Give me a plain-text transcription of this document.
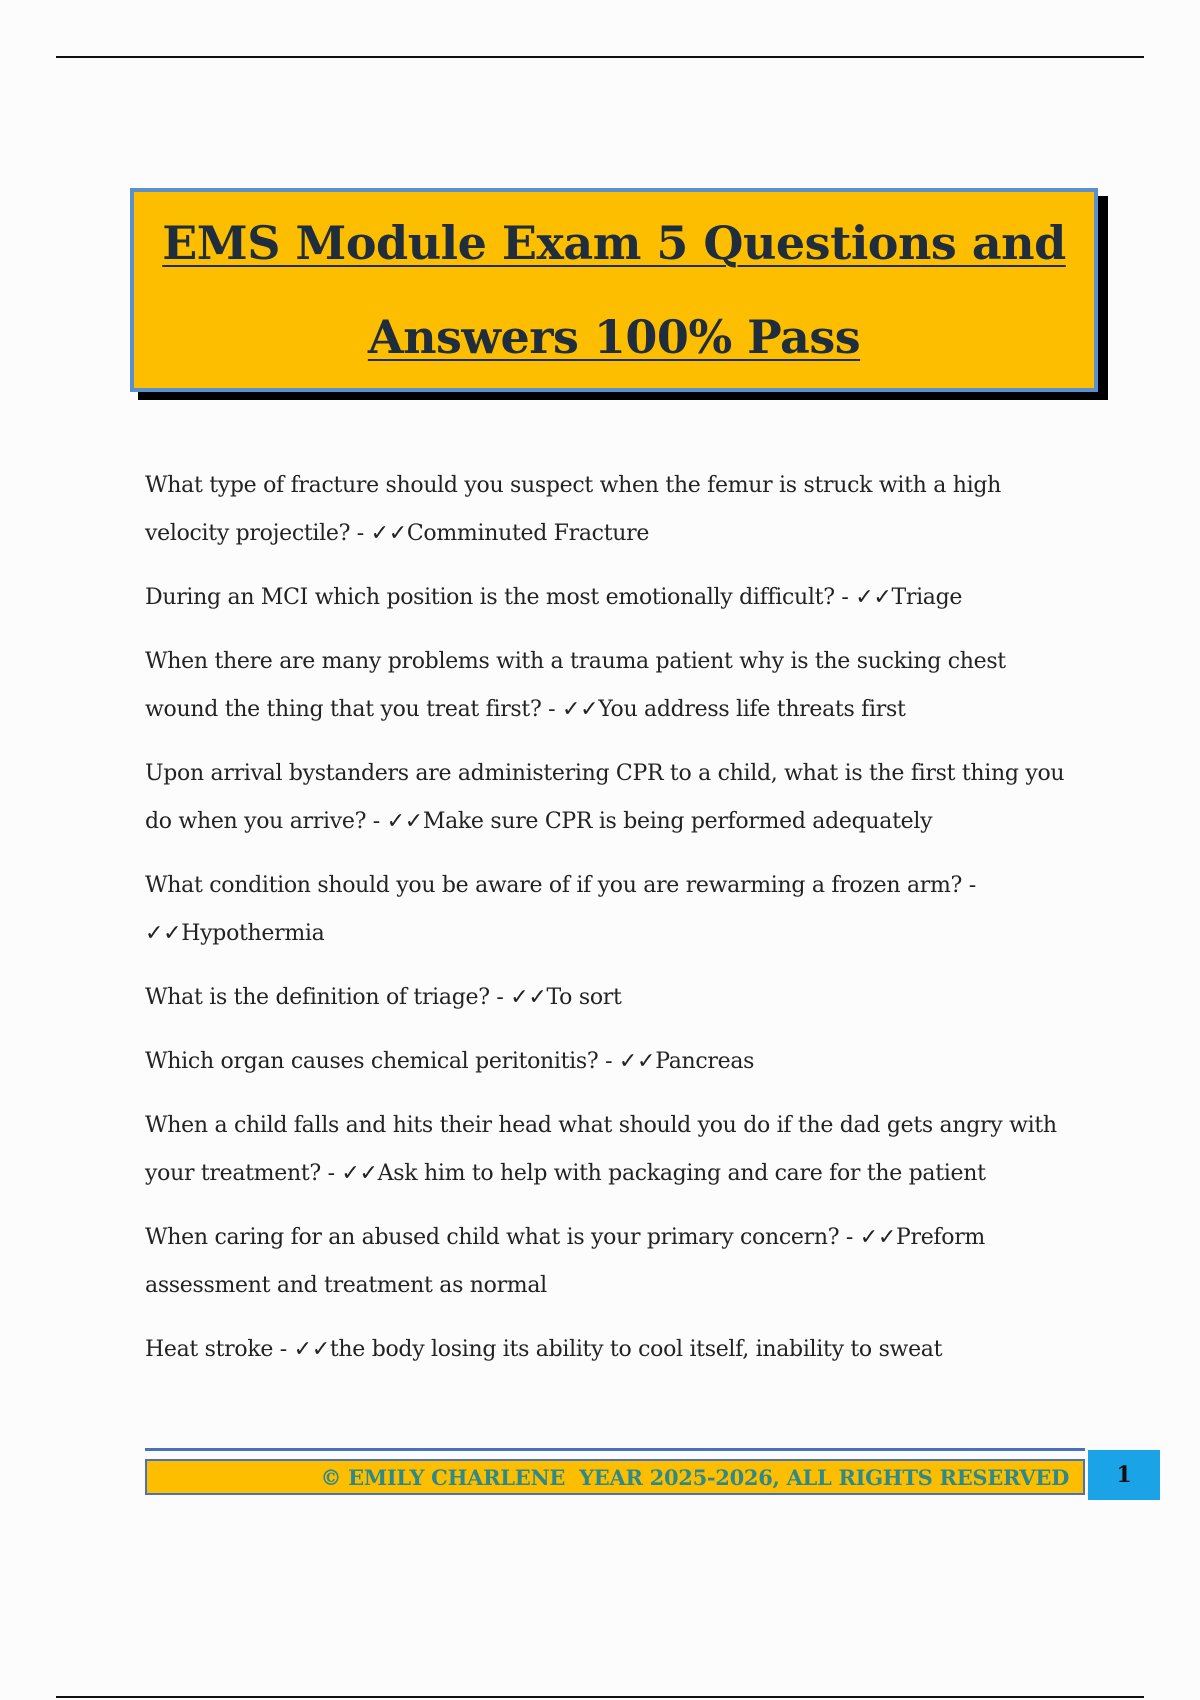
EMS Module Exam 5 Questions and
Answers 100% Pass

What type of fracture should you suspect when the femur is struck with a high velocity projectile? - ✓✓Comminuted Fracture

During an MCI which position is the most emotionally difficult? - ✓✓Triage

When there are many problems with a trauma patient why is the sucking chest wound the thing that you treat first? - ✓✓You address life threats first

Upon arrival bystanders are administering CPR to a child, what is the first thing you do when you arrive? - ✓✓Make sure CPR is being performed adequately

What condition should you be aware of if you are rewarming a frozen arm? - ✓✓Hypothermia

What is the definition of triage? - ✓✓To sort

Which organ causes chemical peritonitis? - ✓✓Pancreas

When a child falls and hits their head what should you do if the dad gets angry with your treatment? - ✓✓Ask him to help with packaging and care for the patient

When caring for an abused child what is your primary concern? - ✓✓Preform assessment and treatment as normal

Heat stroke - ✓✓the body losing its ability to cool itself, inability to sweat

© EMILY CHARLENE  YEAR 2025-2026, ALL RIGHTS RESERVED 1
